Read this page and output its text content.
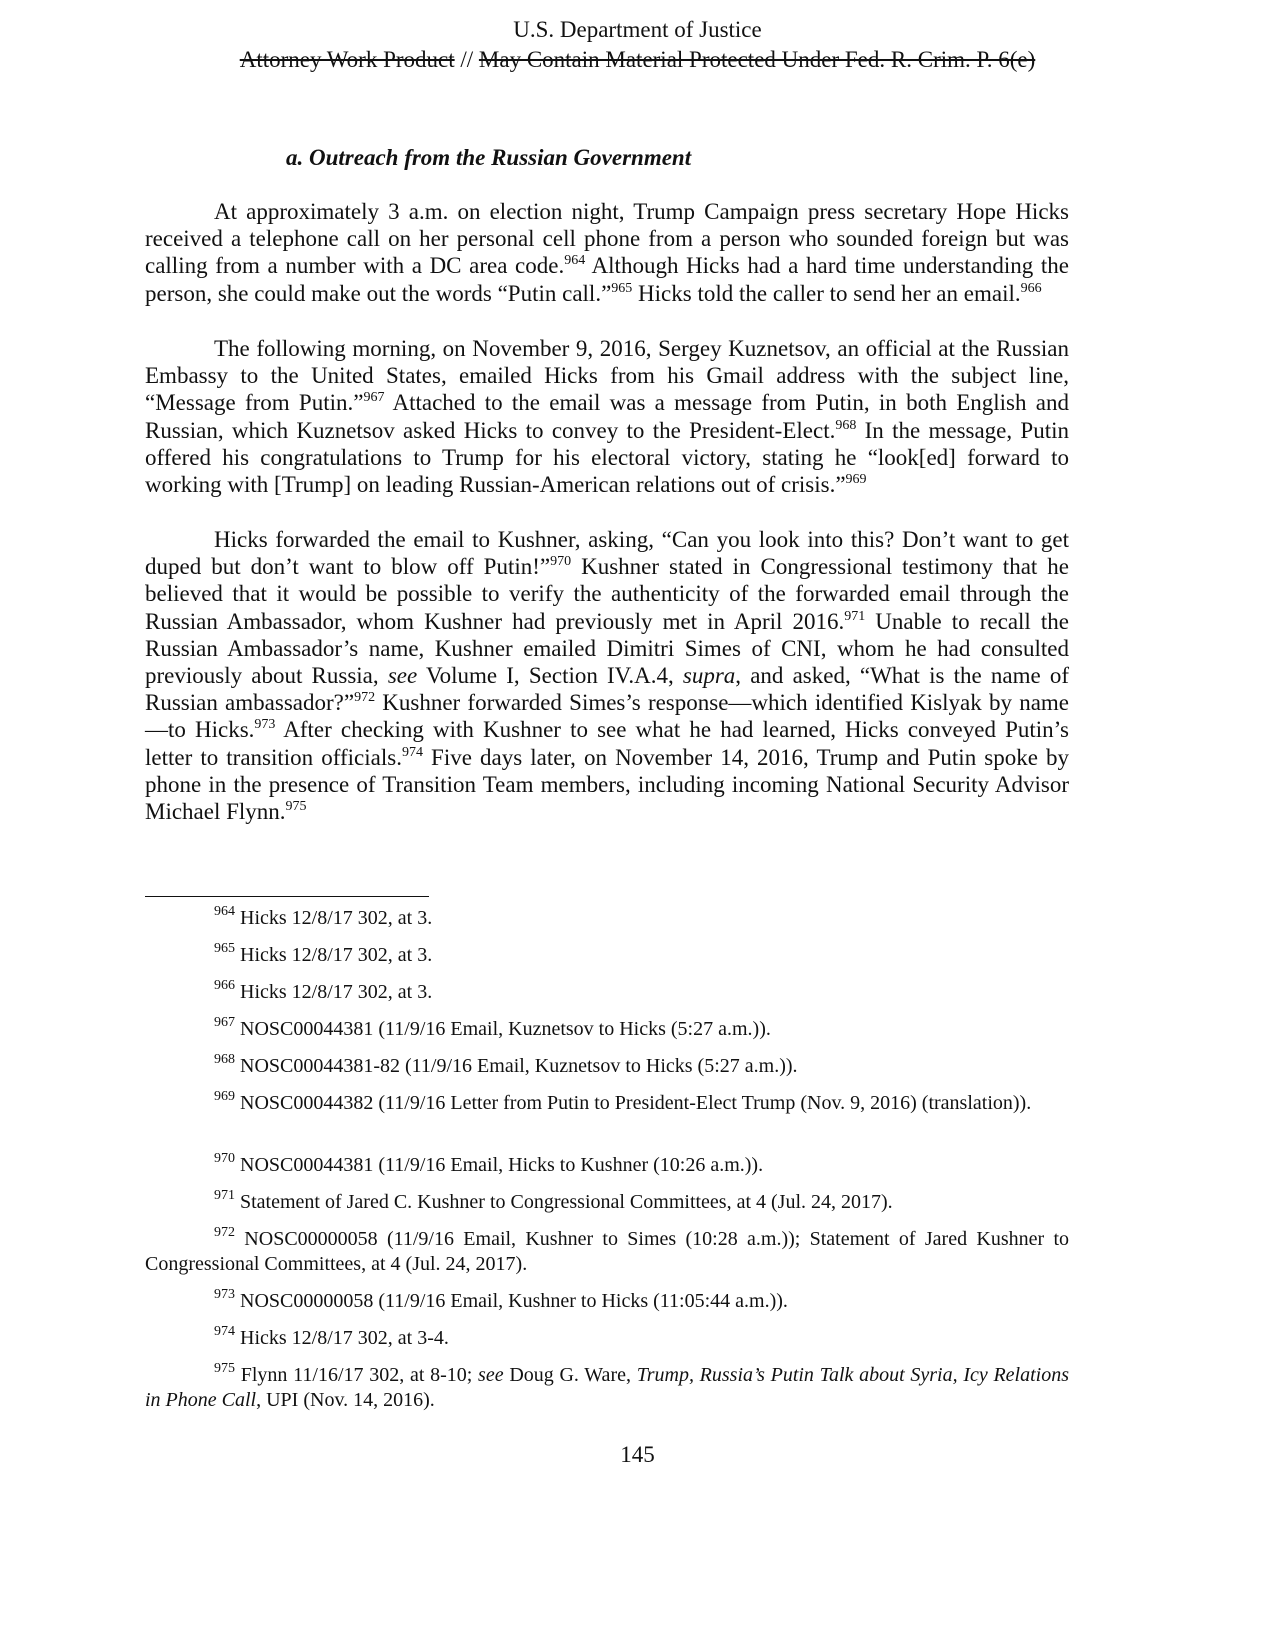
U.S. Department of Justice
Attorney Work Product // May Contain Material Protected Under Fed. R. Crim. P. 6(e)
a. Outreach from the Russian Government

At approximately 3 a.m. on election night, Trump Campaign press secretary Hope Hicks received a telephone call on her personal cell phone from a person who sounded foreign but was calling from a number with a DC area code.$^{964}$ Although Hicks had a hard time understanding the person, she could make out the words “Putin call.”$^{965}$ Hicks told the caller to send her an email.$^{966}$

The following morning, on November 9, 2016, Sergey Kuznetsov, an official at the Russian Embassy to the United States, emailed Hicks from his Gmail address with the subject line, “Message from Putin.”$^{967}$ Attached to the email was a message from Putin, in both English and Russian, which Kuznetsov asked Hicks to convey to the President-Elect.$^{968}$ In the message, Putin offered his congratulations to Trump for his electoral victory, stating he “look[ed] forward to working with [Trump] on leading Russian-American relations out of crisis.”$^{969}$

Hicks forwarded the email to Kushner, asking, “Can you look into this? Don’t want to get duped but don’t want to blow off Putin!”$^{970}$ Kushner stated in Congressional testimony that he believed that it would be possible to verify the authenticity of the forwarded email through the Russian Ambassador, whom Kushner had previously met in April 2016.$^{971}$ Unable to recall the Russian Ambassador’s name, Kushner emailed Dimitri Simes of CNI, whom he had consulted previously about Russia, see Volume I, Section IV.A.4, supra, and asked, “What is the name of Russian ambassador?”$^{972}$ Kushner forwarded Simes’s response—which identified Kislyak by name—to Hicks.$^{973}$ After checking with Kushner to see what he had learned, Hicks conveyed Putin’s letter to transition officials.$^{974}$ Five days later, on November 14, 2016, Trump and Putin spoke by phone in the presence of Transition Team members, including incoming National Security Advisor Michael Flynn.$^{975}$

$^{964}$ Hicks 12/8/17 302, at 3.
$^{965}$ Hicks 12/8/17 302, at 3.
$^{966}$ Hicks 12/8/17 302, at 3.
$^{967}$ NOSC00044381 (11/9/16 Email, Kuznetsov to Hicks (5:27 a.m.)).
$^{968}$ NOSC00044381-82 (11/9/16 Email, Kuznetsov to Hicks (5:27 a.m.)).
$^{969}$ NOSC00044382 (11/9/16 Letter from Putin to President-Elect Trump (Nov. 9, 2016) (translation)).
$^{970}$ NOSC00044381 (11/9/16 Email, Hicks to Kushner (10:26 a.m.)).
$^{971}$ Statement of Jared C. Kushner to Congressional Committees, at 4 (Jul. 24, 2017).
$^{972}$ NOSC00000058 (11/9/16 Email, Kushner to Simes (10:28 a.m.)); Statement of Jared Kushner to Congressional Committees, at 4 (Jul. 24, 2017).
$^{973}$ NOSC00000058 (11/9/16 Email, Kushner to Hicks (11:05:44 a.m.)).
$^{974}$ Hicks 12/8/17 302, at 3-4.
$^{975}$ Flynn 11/16/17 302, at 8-10; see Doug G. Ware, Trump, Russia’s Putin Talk about Syria, Icy Relations in Phone Call, UPI (Nov. 14, 2016).
145
